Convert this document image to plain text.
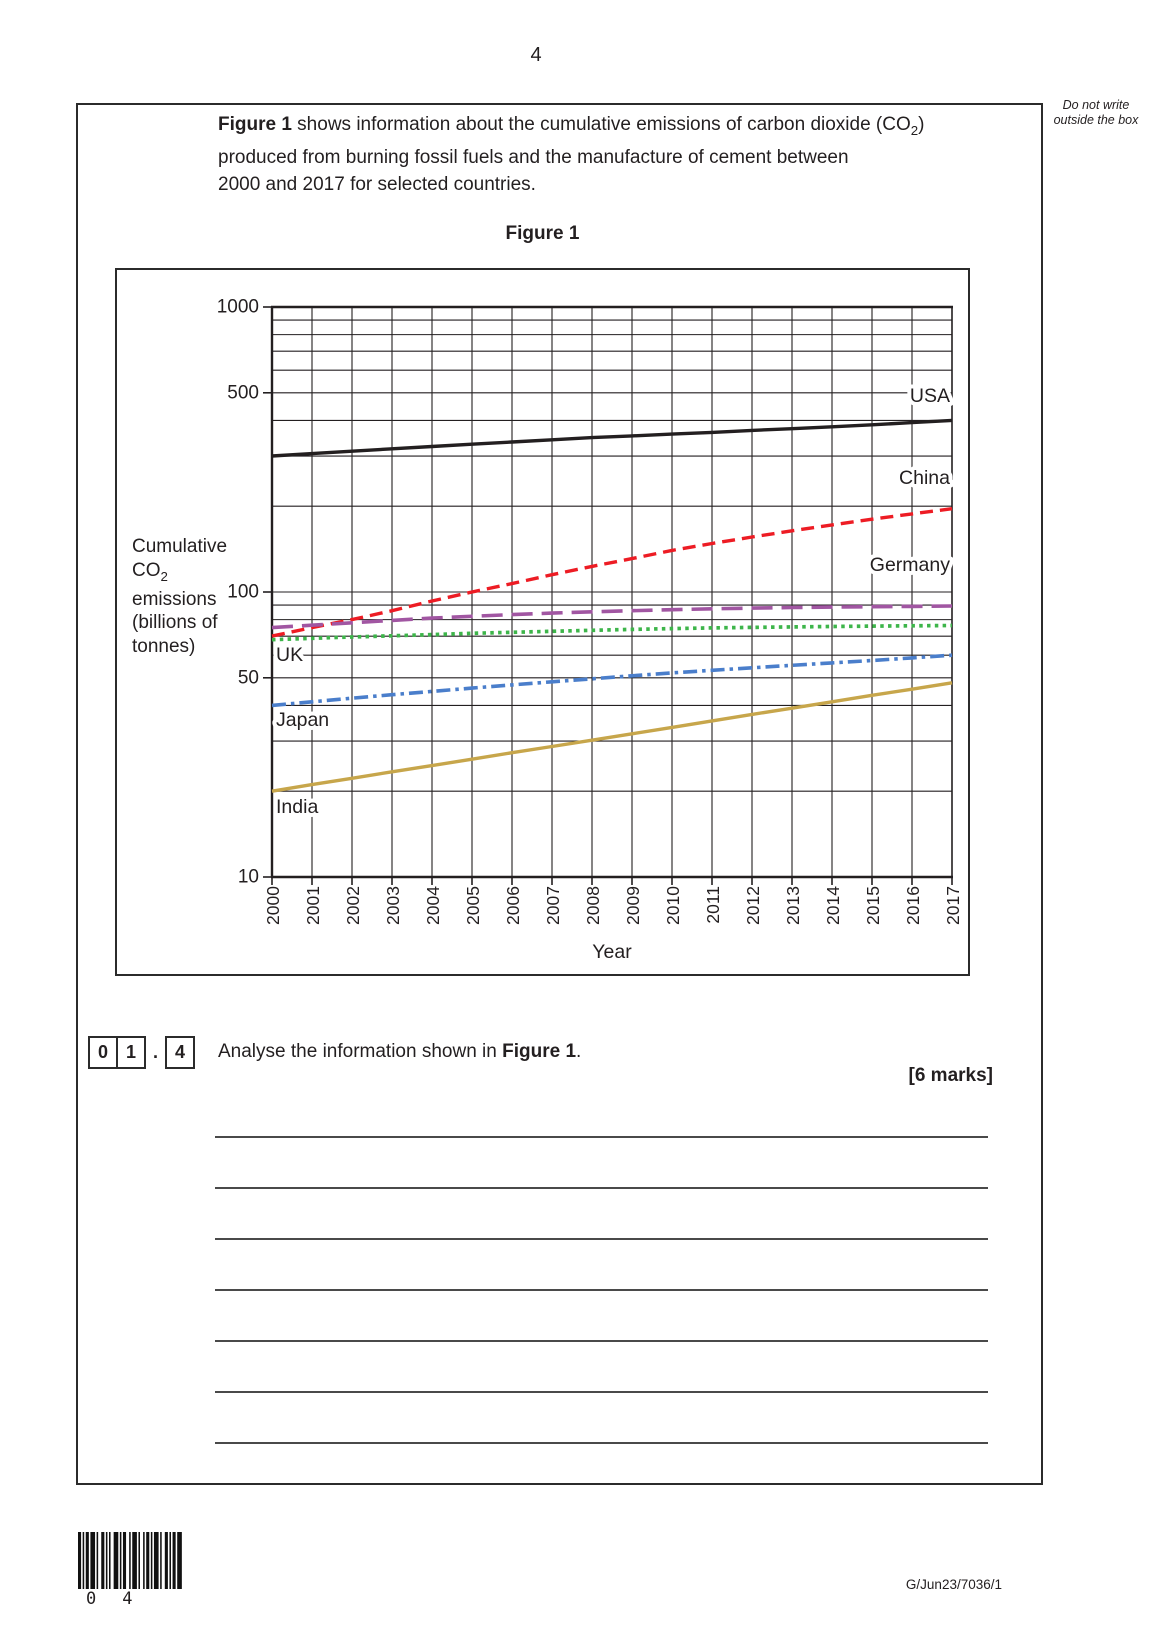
4
Do not write outside the box

Figure 1 shows information about the cumulative emissions of carbon dioxide $(CO_2)$
produced from burning fossil fuels and the manufacture of cement between
2000 and 2017 for selected countries.

Figure 1
2000 2001 2002 2003 2004 2005 2006 2007 2008 2009 2010 2011 2012 2013 2014 2015 2016 2017
1000
500
100
50
10
USA
China
Germany
UK
Japan
India
Year
Cumulative
$CO_2$
emissions
(billions of
tonnes)
0 1 . 4	Analyse the information shown in Figure 1.
[6 marks]
0 4
G/Jun23/7036/1
